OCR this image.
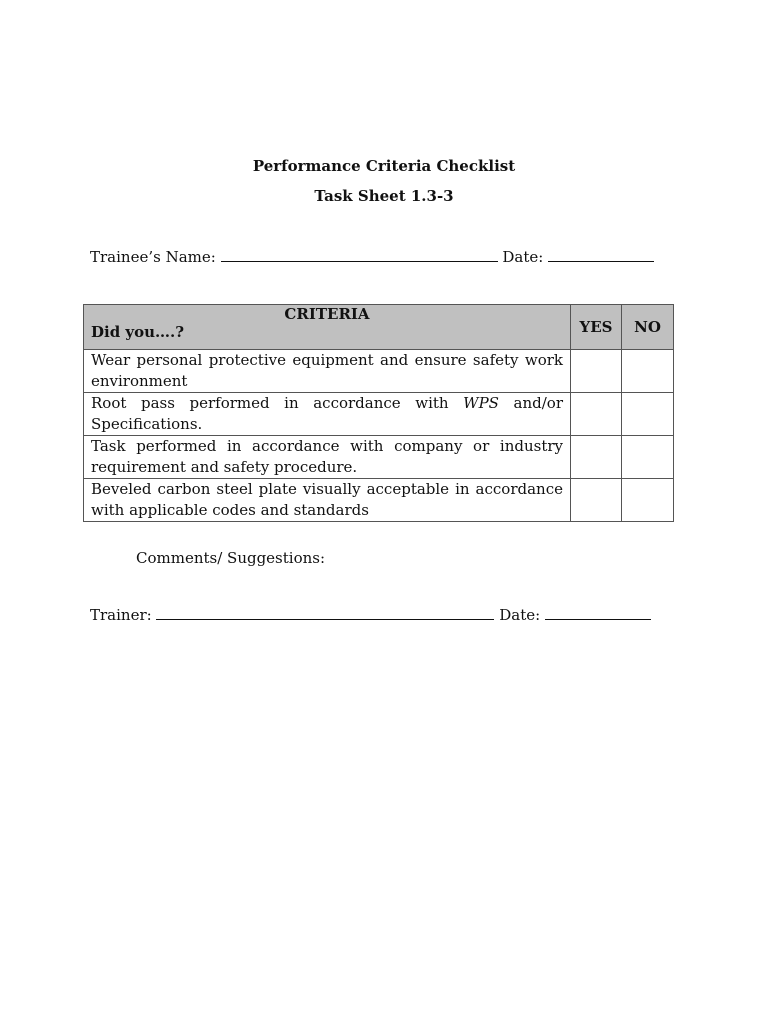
Performance Criteria Checklist
Task Sheet 1.3-3
Trainee’s Name:	Date:
CRITERIA
Did you….?	YES	NO
Wear personal protective equipment and ensure safety work environment		
Root pass performed in accordance with WPS and/or Specifications.		
Task performed in accordance with company or industry requirement and safety procedure.		
Beveled carbon steel plate visually acceptable in accordance with applicable codes and standards		
Comments/ Suggestions:
Trainer:	Date:
